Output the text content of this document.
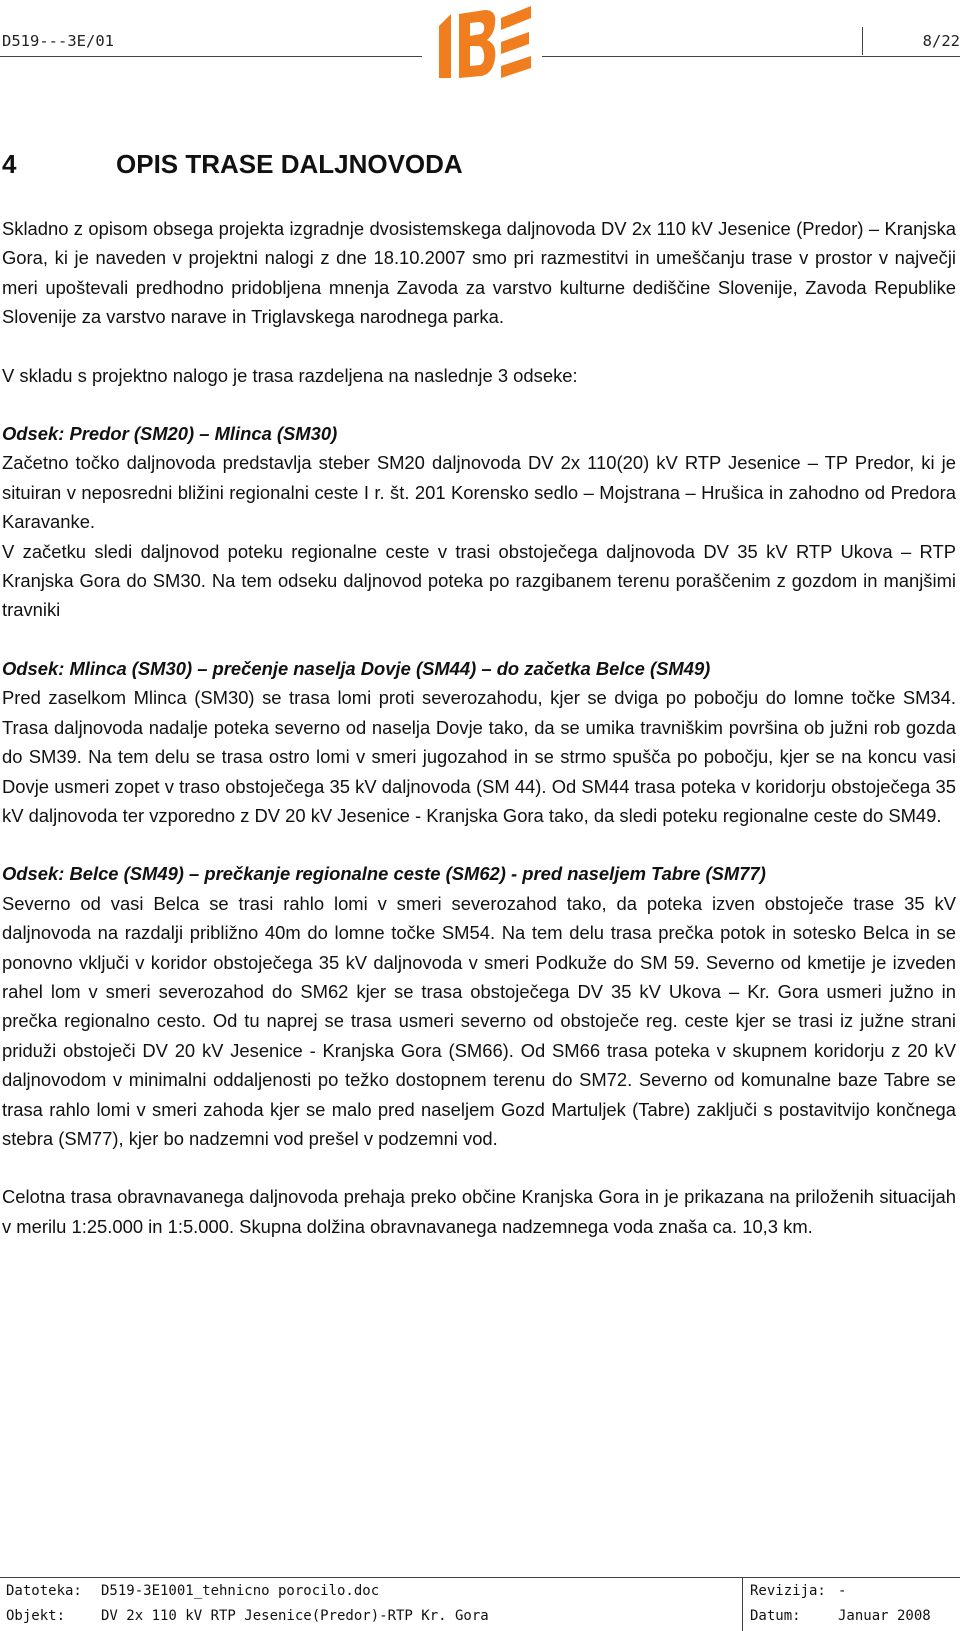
D519---3E/01	8/22
4	OPIS TRASE DALJNOVODA

Skladno z opisom obsega projekta izgradnje dvosistemskega daljnovoda DV 2x 110 kV Jesenice (Predor) – Kranjska Gora, ki je naveden v projektni nalogi z dne 18.10.2007 smo pri razmestitvi in umeščanju trase v prostor v največji meri upoštevali predhodno pridobljena mnenja Zavoda za varstvo kulturne dediščine Slovenije, Zavoda Republike Slovenije za varstvo narave in Triglavskega narodnega parka.

V skladu s projektno nalogo je trasa razdeljena na naslednje 3 odseke:

Odsek: Predor (SM20) – Mlinca (SM30)

Začetno točko daljnovoda predstavlja steber SM20 daljnovoda DV 2x 110(20) kV RTP Jesenice – TP Predor, ki je situiran v neposredni bližini regionalni ceste I r. št. 201 Korensko sedlo – Mojstrana – Hrušica in zahodno od Predora Karavanke.

V začetku sledi daljnovod poteku regionalne ceste v trasi obstoječega daljnovoda DV 35 kV RTP Ukova – RTP Kranjska Gora do SM30. Na tem odseku daljnovod poteka po razgibanem terenu poraščenim z gozdom in manjšimi travniki

Odsek: Mlinca (SM30) – prečenje naselja Dovje (SM44) – do začetka Belce (SM49)

Pred zaselkom Mlinca (SM30) se trasa lomi proti severozahodu, kjer se dviga po pobočju do lomne točke SM34. Trasa daljnovoda nadalje poteka severno od naselja Dovje tako, da se umika travniškim površina ob južni rob gozda do SM39. Na tem delu se trasa ostro lomi v smeri jugozahod in se strmo spušča po pobočju, kjer se na koncu vasi Dovje usmeri zopet v traso obstoječega 35 kV daljnovoda (SM 44). Od SM44 trasa poteka v koridorju obstoječega 35 kV daljnovoda ter vzporedno z DV 20 kV Jesenice - Kranjska Gora tako, da sledi poteku regionalne ceste do SM49.

Odsek: Belce (SM49) – prečkanje regionalne ceste (SM62) - pred naseljem Tabre (SM77)

Severno od vasi Belca se trasi rahlo lomi v smeri severozahod tako, da poteka izven obstoječe trase 35 kV daljnovoda na razdalji približno 40m do lomne točke SM54. Na tem delu trasa prečka potok in sotesko Belca in se ponovno vključi v koridor obstoječega 35 kV daljnovoda v smeri Podkuže do SM 59. Severno od kmetije je izveden rahel lom v smeri severozahod do SM62 kjer se trasa obstoječega DV 35 kV Ukova – Kr. Gora usmeri južno in prečka regionalno cesto. Od tu naprej se trasa usmeri severno od obstoječe reg. ceste kjer se trasi iz južne strani priduži obstoječi DV 20 kV Jesenice - Kranjska Gora (SM66). Od SM66 trasa poteka v skupnem koridorju z 20 kV daljnovodom v minimalni oddaljenosti po težko dostopnem terenu do SM72. Severno od komunalne baze Tabre se trasa rahlo lomi v smeri zahoda kjer se malo pred naseljem Gozd Martuljek (Tabre) zaključi s postavitvijo končnega stebra (SM77), kjer bo nadzemni vod prešel v podzemni vod.

Celotna trasa obravnavanega daljnovoda prehaja preko občine Kranjska Gora in je prikazana na priloženih situacijah v merilu 1:25.000 in 1:5.000. Skupna dolžina obravnavanega nadzemnega voda znaša ca. 10,3 km.

Datoteka: D519-3E1001_tehnicno porocilo.doc
Objekt:	DV 2x 110 kV RTP Jesenice(Predor)-RTP Kr. Gora
Revizija: -
Datum:	Januar 2008
